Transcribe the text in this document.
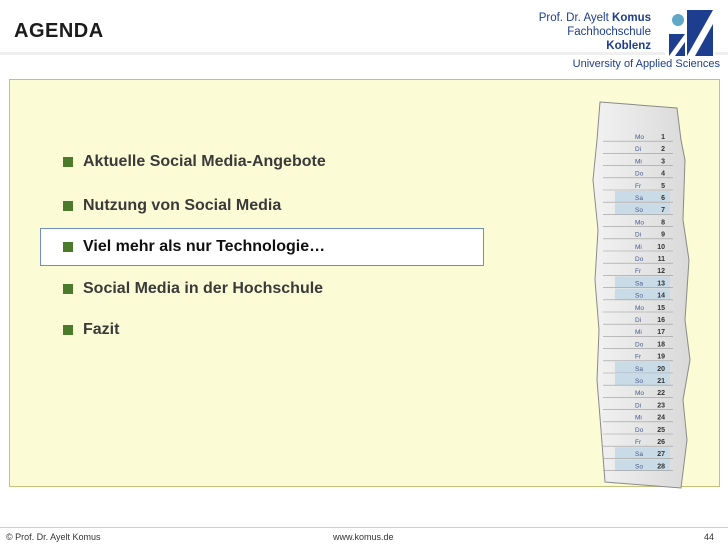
AGENDA
Prof. Dr. Ayelt Komus
Fachhochschule
Koblenz
University of Applied Sciences
Aktuelle Social Media-Angebote
Nutzung von Social Media
Viel mehr als nur Technologie…
Social Media in der Hochschule
Fazit
Mo 1
Di	2
Mi	3
Do	4
Fr	5
Sa	6
So	7
Mo 8
Di	9
Mi 10
Do 11
Fr 12
Sa 13
So 14
Mo 15
Di 16
Mi 17
Do 18
Fr 19
Sa 20
So 21
Mo 22
Di 23
Mi 24
Do 25
Fr 26
Sa 27
So 28
© Prof. Dr. Ayelt Komus	www.komus.de	44
